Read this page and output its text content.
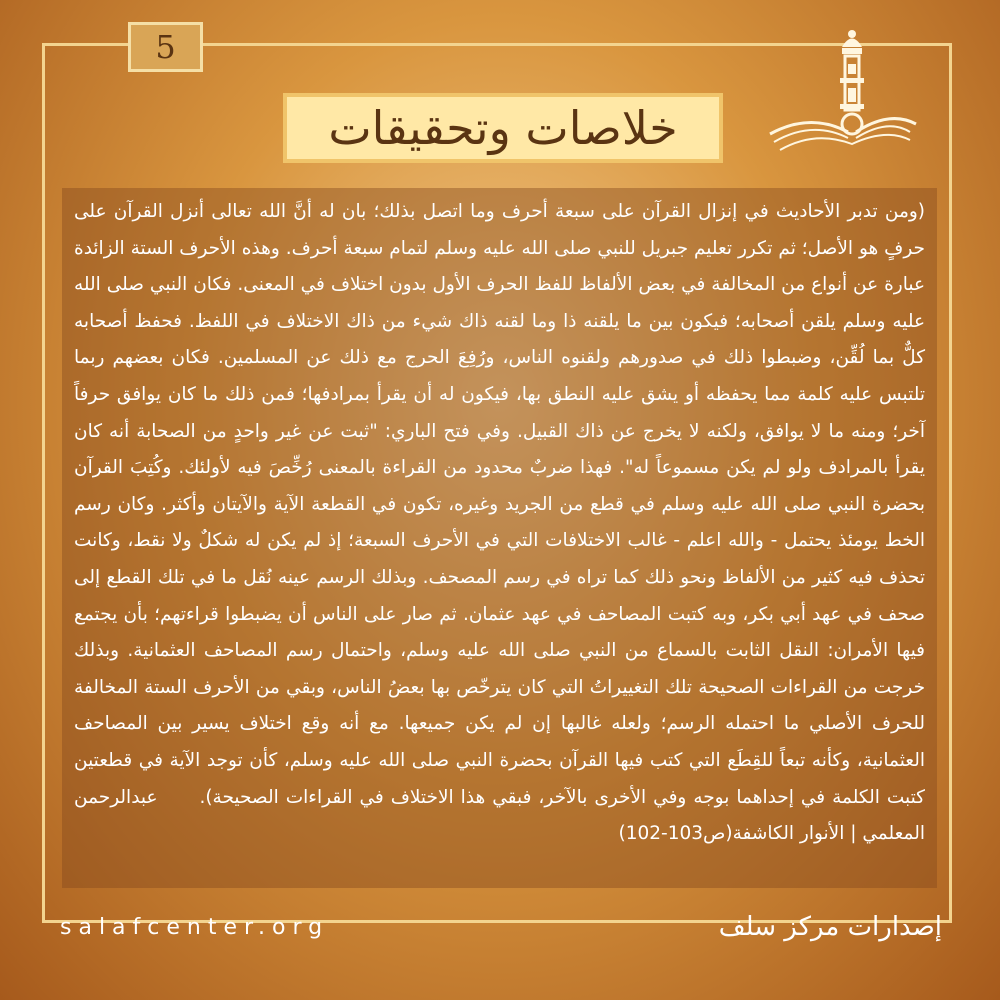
5
خلاصات وتحقيقات

(ومن تدبر الأحاديث في إنزال القرآن على سبعة أحرف وما اتصل بذلك؛ بان له أنَّ الله تعالى أنزل القرآن على حرفٍ هو الأصل؛ ثم تكرر تعليم جبريل للنبي صلى الله عليه وسلم لتمام سبعة أحرف. وهذه الأحرف الستة الزائدة عبارة عن أنواع من المخالفة في بعض الألفاظ للفظ الحرف الأول بدون اختلاف في المعنى. فكان النبي صلى الله عليه وسلم يلقن أصحابه؛ فيكون بين ما يلقنه ذا وما لقنه ذاك شيء من ذاك الاختلاف في اللفظ. فحفظ أصحابه كلٌّ بما لُقِّن، وضبطوا ذلك في صدورهم ولقنوه الناس، ورُفِعَ الحرج مع ذلك عن المسلمين. فكان بعضهم ربما تلتبس عليه كلمة مما يحفظه أو يشق عليه النطق بها، فيكون له أن يقرأ بمرادفها؛ فمن ذلك ما كان يوافق حرفاً آخر؛ ومنه ما لا يوافق، ولكنه لا يخرج عن ذاك القبيل. وفي فتح الباري: "ثبت عن غير واحدٍ من الصحابة أنه كان يقرأ بالمرادف ولو لم يكن مسموعاً له". فهذا ضربٌ محدود من القراءة بالمعنى رُخِّصَ فيه لأولئك. وكُتِبَ القرآن بحضرة النبي صلى الله عليه وسلم في قطع من الجريد وغيره، تكون في القطعة الآية والآيتان وأكثر. وكان رسم الخط يومئذ يحتمل - والله اعلم - غالب الاختلافات التي في الأحرف السبعة؛ إذ لم يكن له شكلٌ ولا نقط، وكانت تحذف فيه كثير من الألفاظ ونحو ذلك كما تراه في رسم المصحف. وبذلك الرسم عينه نُقل ما في تلك القطع إلى صحف في عهد أبي بكر، وبه كتبت المصاحف في عهد عثمان. ثم صار على الناس أن يضبطوا قراءتهم؛ بأن يجتمع فيها الأمران: النقل الثابت بالسماع من النبي صلى الله عليه وسلم، واحتمال رسم المصاحف العثمانية. وبذلك خرجت من القراءات الصحيحة تلك التغييراتُ التي كان يترخّص بها بعضُ الناس، وبقي من الأحرف الستة المخالفة للحرف الأصلي ما احتمله الرسم؛ ولعله غالبها إن لم يكن جميعها. مع أنه وقع اختلاف يسير بين المصاحف العثمانية، وكأنه تبعاً للقِطَع التي كتب فيها القرآن بحضرة النبي صلى الله عليه وسلم، كأن توجد الآية في قطعتين كتبت الكلمة في إحداهما بوجه وفي الأخرى بالآخر، فبقي هذا الاختلاف في القراءات الصحيحة).      عبدالرحمن المعلمي | الأنوار الكاشفة(ص103-102)

salafcenter.org	إصدارات مركز سلف
